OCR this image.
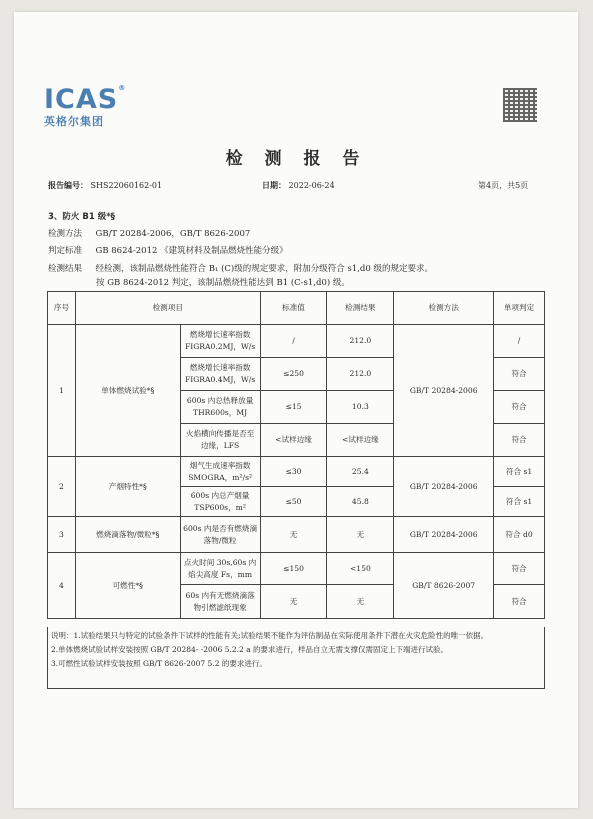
ICAS®
英格尔集团
检 测 报 告
报告编号： SHS22060162-01	日期： 2022-06-24	第4页，共5页
3、防火 B1 级*§
检测方法 GB/T 20284-2006，GB/T 8626-2007
判定标准 GB 8624-2012 《建筑材料及制品燃烧性能分级》
检测结果 经检测，该制品燃烧性能符合 B₁ (C)级的规定要求，附加分级符合 s1,d0 级的规定要求。
按 GB 8624-2012 判定，该制品燃烧性能达到 B1 (C-s1,d0) 级。
序号	检测项目		标准值	检测结果	检测方法	单项判定
1	单体燃烧试验*§	燃烧增长速率指数 FIGRA0.2MJ，W/s	/	212.0	GB/T 20284-2006	/
		燃烧增长速率指数 FIGRA0.4MJ，W/s	≤250	212.0		符合
		600s 内总热释放量 THR600s，MJ	≤15	10.3		符合
		火焰横向传播是否至边缘，LFS	<试样边缘	<试样边缘		符合
2	产烟特性*§	烟气生成速率指数 SMOGRA，m²/s²	≤30	25.4	GB/T 20284-2006	符合 s1
		600s 内总产烟量 TSP600s，m²	≤50	45.8		符合 s1
3	燃烧滴落物/微粒*§	600s 内是否有燃烧滴落物/微粒	无	无	GB/T 20284-2006	符合 d0
4	可燃性*§	点火时间 30s,60s 内焰尖高度 Fs，mm	≤150	<150	GB/T 8626-2007	符合
		60s 内有无燃烧滴落物引燃滤纸现象	无	无		符合
说明：1.试验结果只与特定的试验条件下试样的性能有关;试验结果不能作为评估制品在实际使用条件下潜在火灾危险性的唯一依据。
2.单体燃烧试验试样安装按照 GB/T 20284- -2006 5.2.2 a 的要求进行，样品自立无需支撑仅需固定上下端进行试验。
3.可燃性试验试样安装按照 GB/T 8626-2007 5.2 的要求进行。
